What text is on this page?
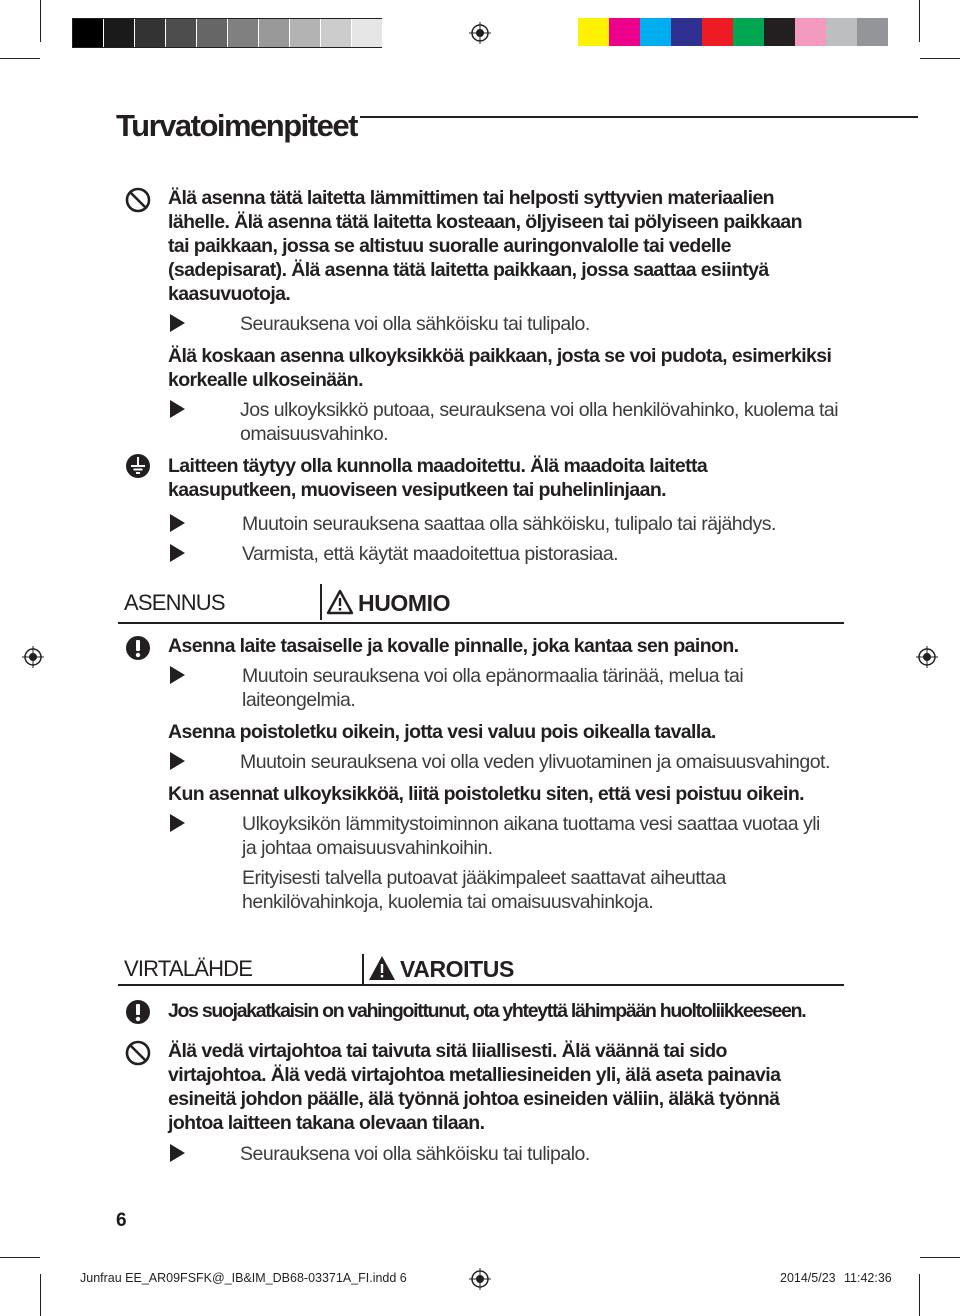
Turvatoimenpiteet
Älä asenna tätä laitetta lämmittimen tai helposti syttyvien materiaalien
lähelle. Älä asenna tätä laitetta kosteaan, öljyiseen tai pölyiseen paikkaan
tai paikkaan, jossa se altistuu suoralle auringonvalolle tai vedelle
(sadepisarat). Älä asenna tätä laitetta paikkaan, jossa saattaa esiintyä
kaasuvuotoja.
Seurauksena voi olla sähköisku tai tulipalo.
Älä koskaan asenna ulkoyksikköä paikkaan, josta se voi pudota, esimerkiksi
korkealle ulkoseinään.
Jos ulkoyksikkö putoaa, seurauksena voi olla henkilövahinko, kuolema tai
omaisuusvahinko.
Laitteen täytyy olla kunnolla maadoitettu. Älä maadoita laitetta
kaasuputkeen, muoviseen vesiputkeen tai puhelinlinjaan.
Muutoin seurauksena saattaa olla sähköisku, tulipalo tai räjähdys.
Varmista, että käytät maadoitettua pistorasiaa.
ASENNUS	HUOMIO
Asenna laite tasaiselle ja kovalle pinnalle, joka kantaa sen painon.
Muutoin seurauksena voi olla epänormaalia tärinää, melua tai
laiteongelmia.
Asenna poistoletku oikein, jotta vesi valuu pois oikealla tavalla.
Muutoin seurauksena voi olla veden ylivuotaminen ja omaisuusvahingot.
Kun asennat ulkoyksikköä, liitä poistoletku siten, että vesi poistuu oikein.
Ulkoyksikön lämmitystoiminnon aikana tuottama vesi saattaa vuotaa yli
ja johtaa omaisuusvahinkoihin.
Erityisesti talvella putoavat jääkimpaleet saattavat aiheuttaa
henkilövahinkoja, kuolemia tai omaisuusvahinkoja.
VIRTALÄHDE	VAROITUS
Jos suojakatkaisin on vahingoittunut, ota yhteyttä lähimpään huoltoliikkeeseen.
Älä vedä virtajohtoa tai taivuta sitä liiallisesti. Älä väännä tai sido
virtajohtoa. Älä vedä virtajohtoa metalliesineiden yli, älä aseta painavia
esineitä johdon päälle, älä työnnä johtoa esineiden väliin, äläkä työnnä
johtoa laitteen takana olevaan tilaan.
Seurauksena voi olla sähköisku tai tulipalo.
6
Junfrau EE_AR09FSFK@_IB&IM_DB68-03371A_FI.indd 6	2014/5/23 11:42:36
